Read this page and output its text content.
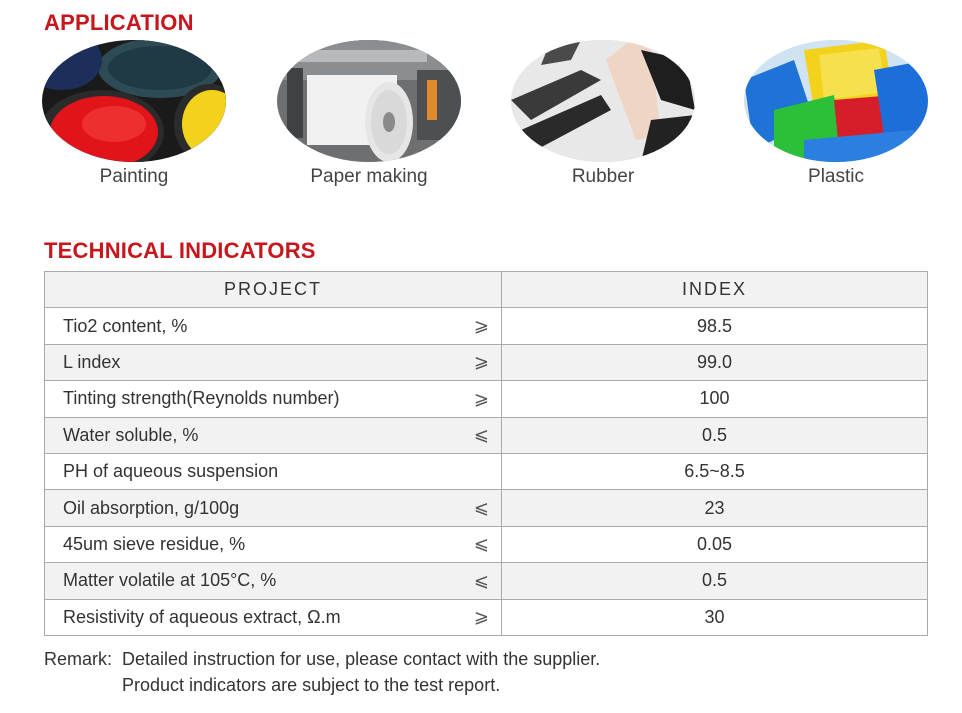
APPLICATION
Painting	Paper making	Rubber	Plastic
TECHNICAL INDICATORS
PROJECT	INDEX
Tio2 content, % ⩾	98.5
L index ⩾	99.0
Tinting strength(Reynolds number) ⩾	100
Water soluble, % ⩽	0.5
PH of aqueous suspension	6.5~8.5
Oil absorption, g/100g ⩽	23
45um sieve residue, % ⩽	0.05
Matter volatile at 105°C, % ⩽	0.5
Resistivity of aqueous extract, Ω.m ⩾	30
Remark: Detailed instruction for use, please contact with the supplier.
Product indicators are subject to the test report.
